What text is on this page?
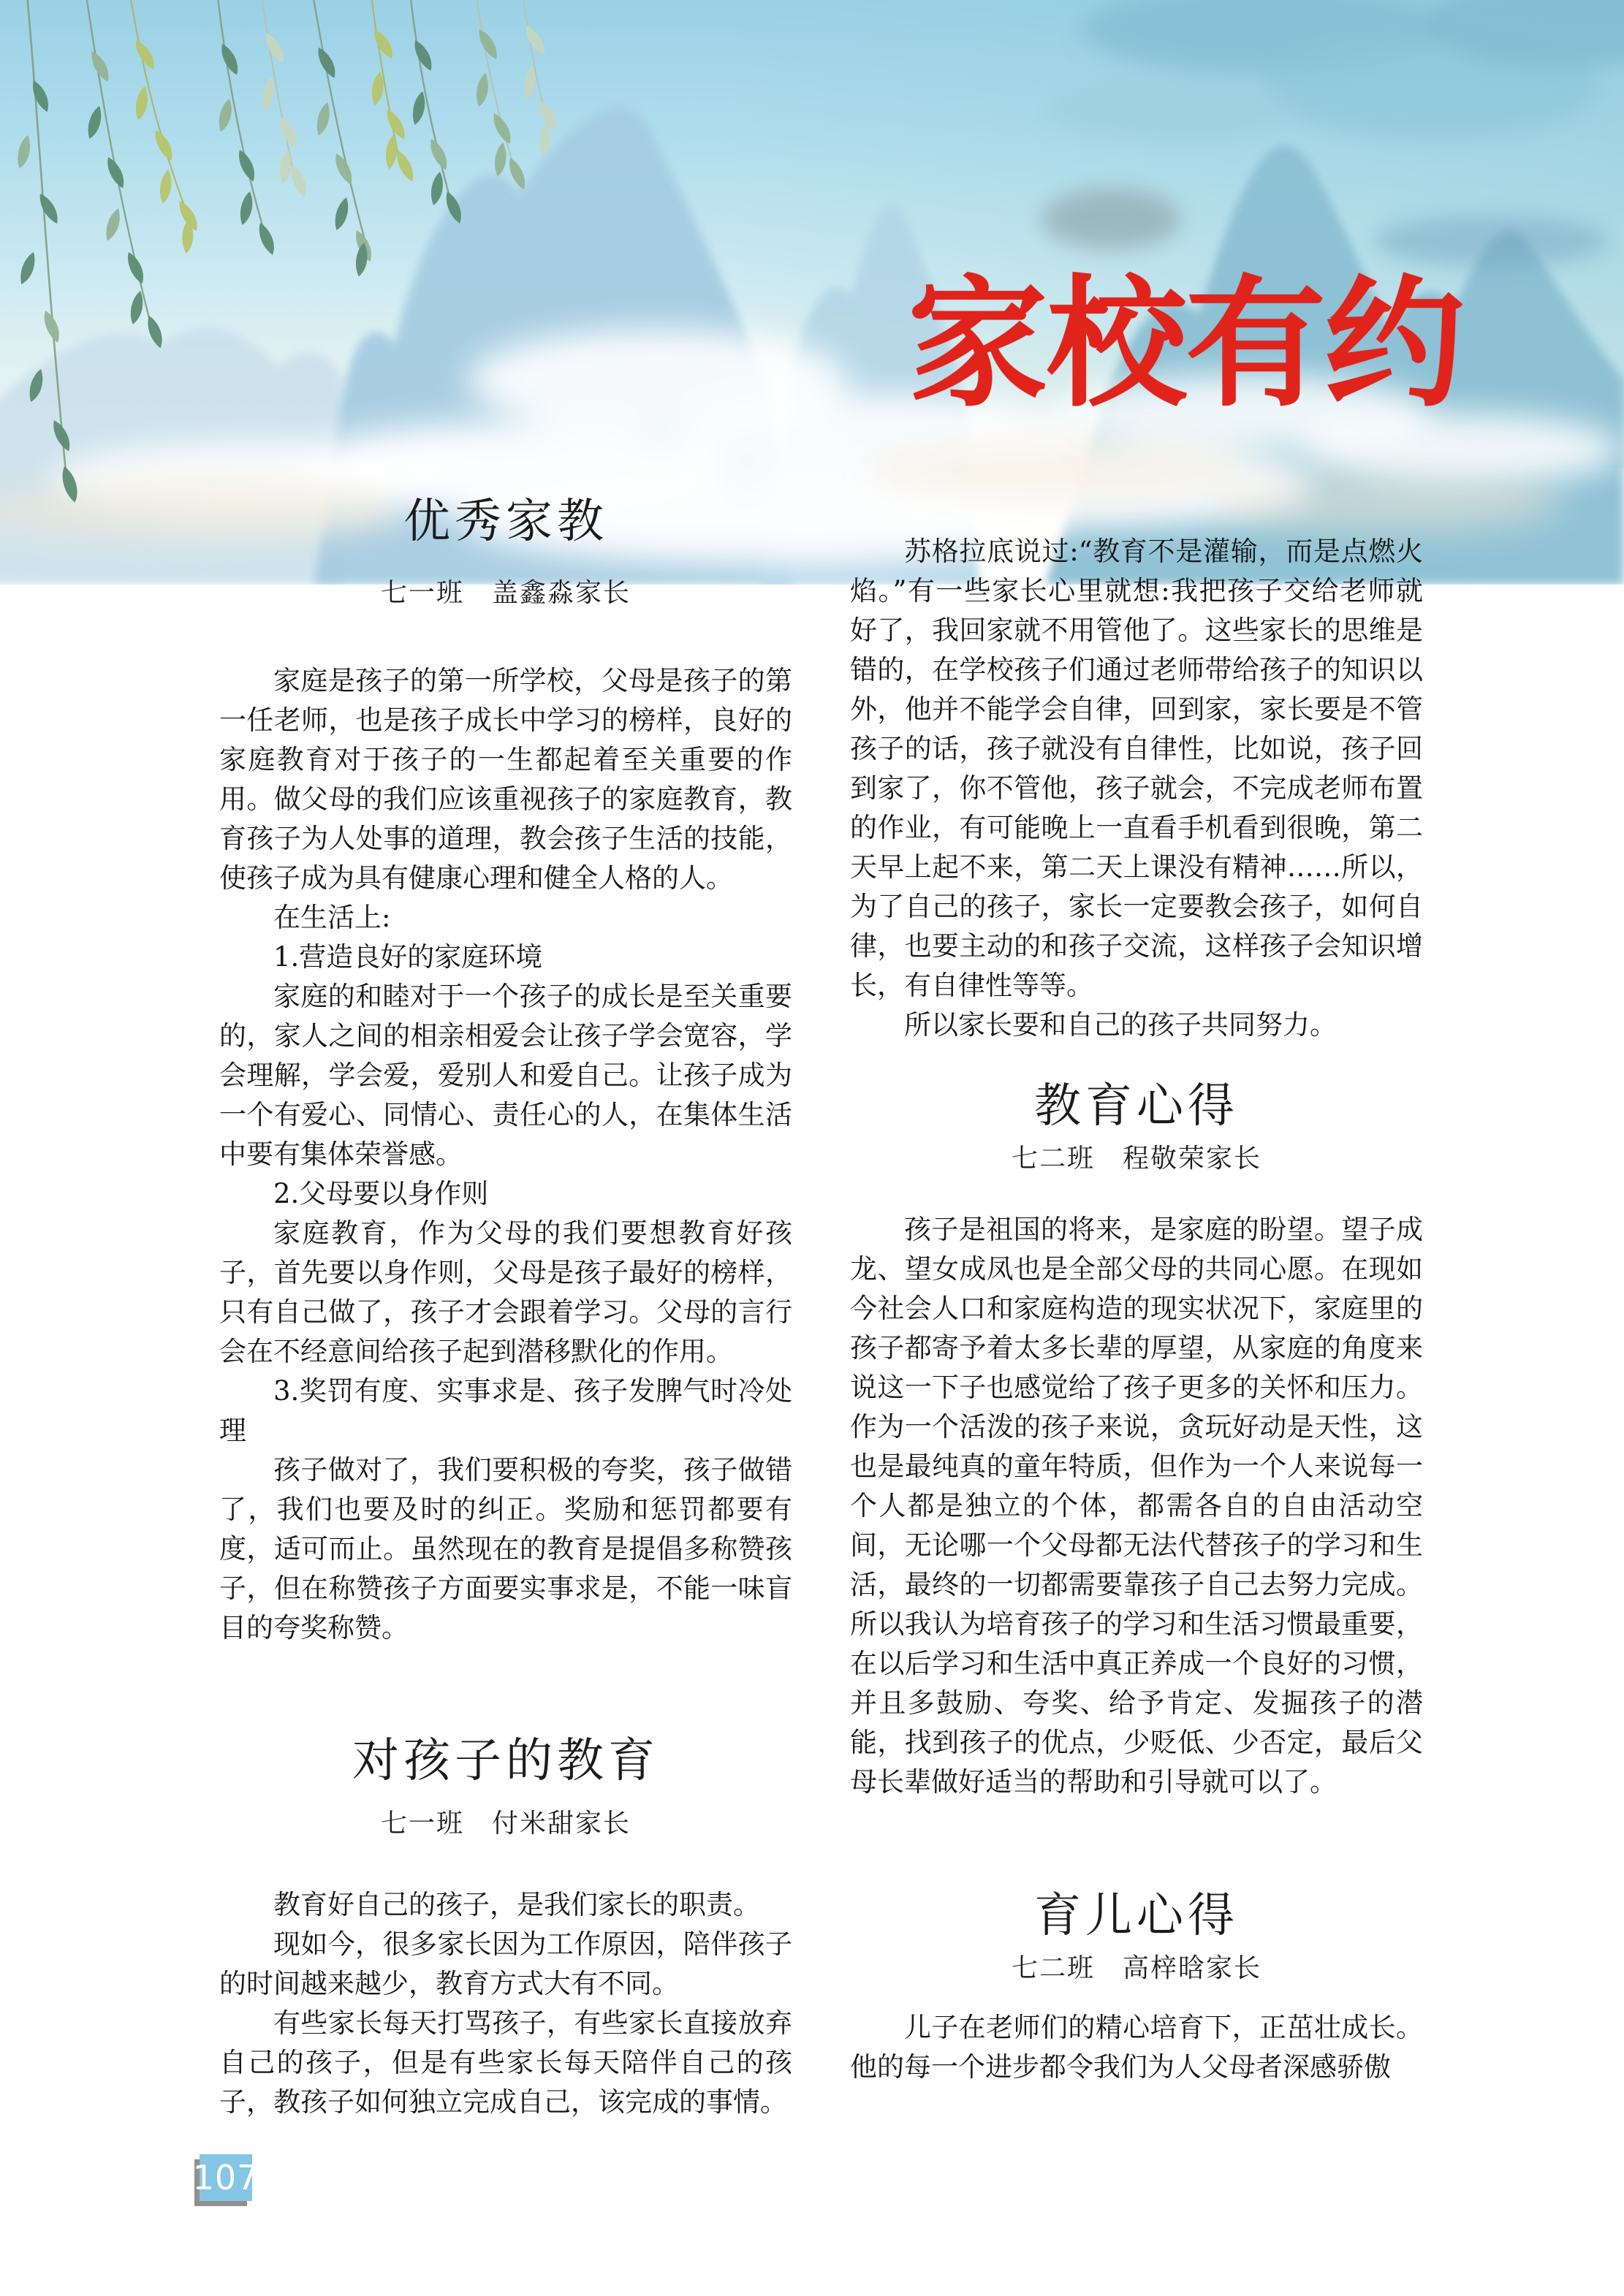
家校有约
优秀家教

七一班　盖鑫淼家长

家庭是孩子的第一所学校，父母是孩子的第一任老师，也是孩子成长中学习的榜样，良好的家庭教育对于孩子的一生都起着至关重要的作用。做父母的我们应该重视孩子的家庭教育，教育孩子为人处事的道理，教会孩子生活的技能，使孩子成为具有健康心理和健全人格的人。

在生活上:

1.营造良好的家庭环境

家庭的和睦对于一个孩子的成长是至关重要的，家人之间的相亲相爱会让孩子学会宽容，学会理解，学会爱，爱别人和爱自己。让孩子成为一个有爱心、同情心、责任心的人，在集体生活中要有集体荣誉感。

2.父母要以身作则

家庭教育，作为父母的我们要想教育好孩子，首先要以身作则，父母是孩子最好的榜样，只有自己做了，孩子才会跟着学习。父母的言行会在不经意间给孩子起到潜移默化的作用。

3.奖罚有度、实事求是、孩子发脾气时冷处理

孩子做对了，我们要积极的夸奖，孩子做错了，我们也要及时的纠正。奖励和惩罚都要有度，适可而止。虽然现在的教育是提倡多称赞孩子，但在称赞孩子方面要实事求是，不能一味盲目的夸奖称赞。

对孩子的教育

七一班　付米甜家长

教育好自己的孩子，是我们家长的职责。

现如今，很多家长因为工作原因，陪伴孩子的时间越来越少，教育方式大有不同。

有些家长每天打骂孩子，有些家长直接放弃自己的孩子，但是有些家长每天陪伴自己的孩子，教孩子如何独立完成自己，该完成的事情。

苏格拉底说过:“教育不是灌输，而是点燃火焰。”有一些家长心里就想:我把孩子交给老师就好了，我回家就不用管他了。这些家长的思维是错的，在学校孩子们通过老师带给孩子的知识以外，他并不能学会自律，回到家，家长要是不管孩子的话，孩子就没有自律性，比如说，孩子回到家了，你不管他，孩子就会，不完成老师布置的作业，有可能晚上一直看手机看到很晚，第二天早上起不来，第二天上课没有精神……所以，为了自己的孩子，家长一定要教会孩子，如何自律，也要主动的和孩子交流，这样孩子会知识增长，有自律性等等。

所以家长要和自己的孩子共同努力。

教育心得

七二班　程敬荣家长

孩子是祖国的将来，是家庭的盼望。望子成龙、望女成凤也是全部父母的共同心愿。在现如今社会人口和家庭构造的现实状况下，家庭里的孩子都寄予着太多长辈的厚望，从家庭的角度来说这一下子也感觉给了孩子更多的关怀和压力。作为一个活泼的孩子来说，贪玩好动是天性，这也是最纯真的童年特质，但作为一个人来说每一个人都是独立的个体，都需各自的自由活动空间，无论哪一个父母都无法代替孩子的学习和生活，最终的一切都需要靠孩子自己去努力完成。所以我认为培育孩子的学习和生活习惯最重要，在以后学习和生活中真正养成一个良好的习惯，并且多鼓励、夸奖、给予肯定、发掘孩子的潜能，找到孩子的优点，少贬低、少否定，最后父母长辈做好适当的帮助和引导就可以了。

育儿心得

七二班　高梓晗家长

儿子在老师们的精心培育下，正茁壮成长。他的每一个进步都令我们为人父母者深感骄傲

107
